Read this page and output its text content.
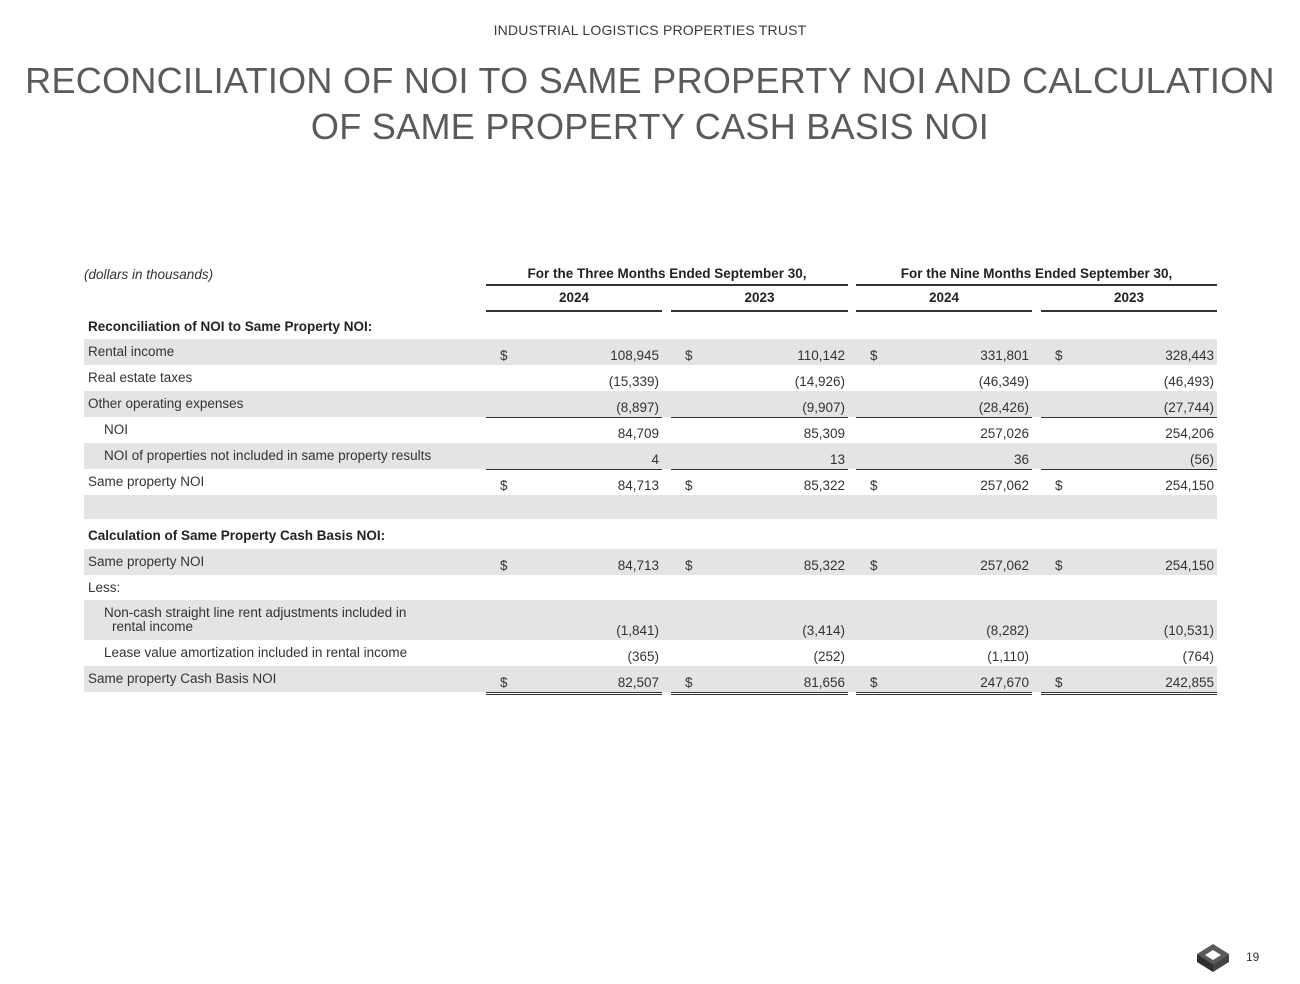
INDUSTRIAL LOGISTICS PROPERTIES TRUST
RECONCILIATION OF NOI TO SAME PROPERTY NOI AND CALCULATION
OF SAME PROPERTY CASH BASIS NOI
(dollars in thousands)	For the Three Months Ended September 30,	For the Nine Months Ended September 30,
2024	2023	2024	2023
Reconciliation of NOI to Same Property NOI:
Rental income	$	108,945 $	110,142 $	331,801 $	328,443
Real estate taxes	(15,339)	(14,926)	(46,349)	(46,493)
Other operating expenses	(8,897)	(9,907)	(28,426)	(27,744)
NOI	84,709	85,309	257,026	254,206
NOI of properties not included in same property results	4	13	36	(56)
Same property NOI	$	84,713 $	85,322 $	257,062 $	254,150
Calculation of Same Property Cash Basis NOI:
Same property NOI	$	84,713 $	85,322 $	257,062 $	254,150
Less:
Non-cash straight line rent adjustments included in
rental income	(1,841)	(3,414)	(8,282)	(10,531)
Lease value amortization included in rental income	(365)	(252)	(1,110)	(764)
Same property Cash Basis NOI	$	82,507 $	81,656 $	247,670 $	242,855
19
